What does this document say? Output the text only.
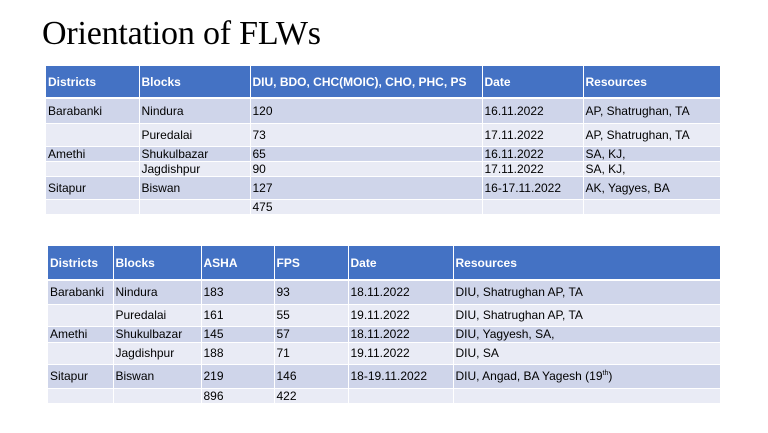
Orientation of FLWs
Districts	Blocks	DIU, BDO, CHC(MOIC), CHO, PHC, PS	Date	Resources
Barabanki	Nindura	120	16.11.2022	AP, Shatrughan, TA
	Puredalai	73	17.11.2022	AP, Shatrughan, TA
Amethi	Shukulbazar	65	16.11.2022	SA, KJ,
	Jagdishpur	90	17.11.2022	SA, KJ,
Sitapur	Biswan	127	16-17.11.2022	AK, Yagyes, BA
		475		
Districts	Blocks	ASHA	FPS	Date	Resources
Barabanki	Nindura	183	93	18.11.2022	DIU, Shatrughan AP, TA
	Puredalai	161	55	19.11.2022	DIU, Shatrughan AP, TA
Amethi	Shukulbazar	145	57	18.11.2022	DIU, Yagyesh, SA,
	Jagdishpur	188	71	19.11.2022	DIU, SA
Sitapur	Biswan	219	146	18-19.11.2022	DIU, Angad, BA Yagesh (19th)
		896	422		
